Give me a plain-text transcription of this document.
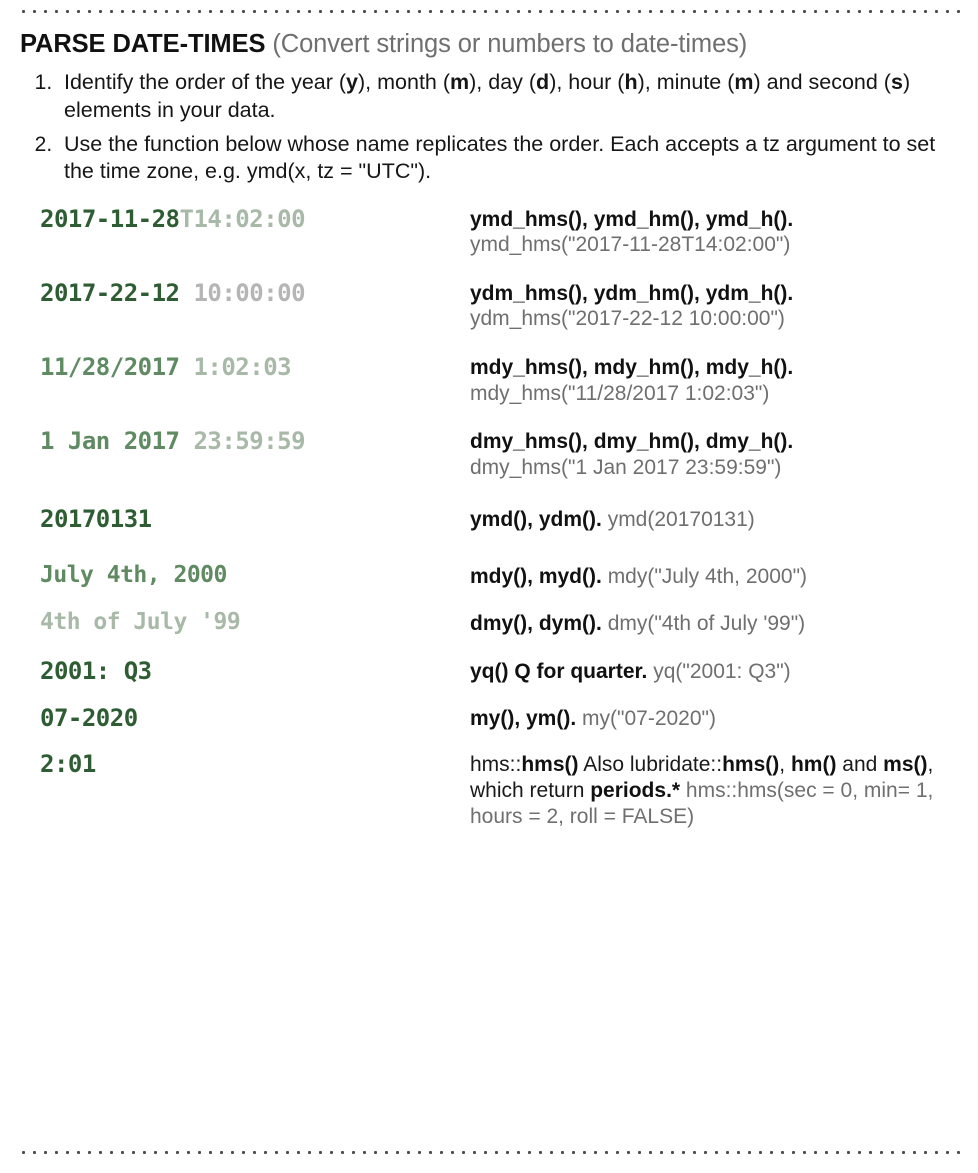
PARSE DATE-TIMES (Convert strings or numbers to date-times)
1. Identify the order of the year (y), month (m), day (d), hour (h), minute (m) and second (s) elements in your data.
2. Use the function below whose name replicates the order. Each accepts a tz argument to set the time zone, e.g. ymd(x, tz = "UTC").
2017-11-28T14:02:00	ymd_hms(), ymd_hm(), ymd_h().
ymd_hms("2017-11-28T14:02:00")
2017-22-12 10:00:00	ydm_hms(), ydm_hm(), ydm_h().
ydm_hms("2017-22-12 10:00:00")
11/28/2017 1:02:03	mdy_hms(), mdy_hm(), mdy_h().
mdy_hms("11/28/2017 1:02:03")
1 Jan 2017 23:59:59	dmy_hms(), dmy_hm(), dmy_h().
dmy_hms("1 Jan 2017 23:59:59")
20170131	ymd(), ydm(). ymd(20170131)
July 4th, 2000	mdy(), myd(). mdy("July 4th, 2000")
4th of July '99	dmy(), dym(). dmy("4th of July '99")
2001: Q3	yq() Q for quarter. yq("2001: Q3")
07-2020	my(), ym(). my("07-2020")
2:01	hms::hms() Also lubridate::hms(), hm() and ms(), which return periods.* hms::hms(sec = 0, min= 1, hours = 2, roll = FALSE)
